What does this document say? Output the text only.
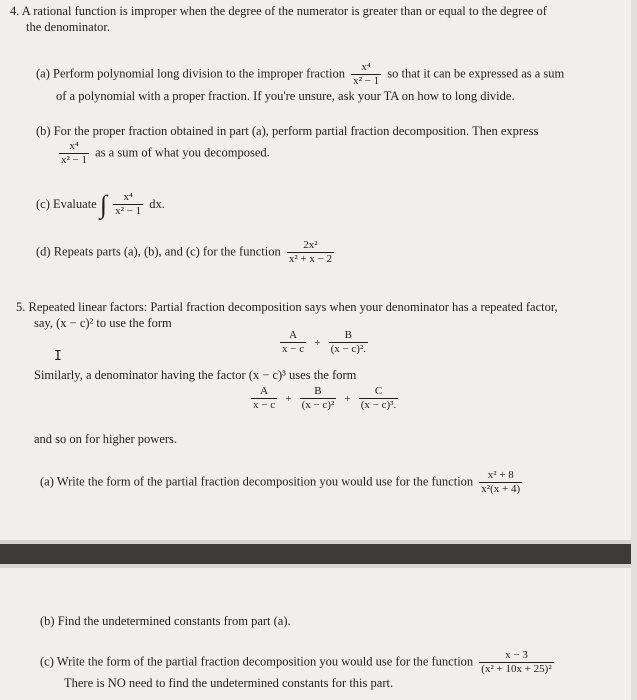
4. A rational function is improper when the degree of the numerator is greater than or equal to the degree of
the denominator.
(a) Perform polynomial long division to the improper fraction $\frac{\text{x⁴}}{\text{x² − 1}}$ so that it can be expressed as a sum
of a polynomial with a proper fraction. If you're unsure, ask your TA on how to long divide.
(b) For the proper fraction obtained in part (a), perform partial fraction decomposition. Then express
$\frac{\text{x⁴}}{\text{x² − 1}}$ as a sum of what you decomposed.
(c) Evaluate ∫ $\frac{\text{x⁴}}{\text{x² − 1}}$ dx.
(d) Repeats parts (a), (b), and (c) for the function $\frac{\text{2x²}}{\text{x² + x − 2}}$
5. Repeated linear factors: Partial fraction decomposition says when your denominator has a repeated factor,
say, (x − c)² to use the form
I
$\frac{A}{x - c} + \frac{B}{\text{(x − c)².}}$
Similarly, a denominator having the factor (x − c)³ uses the form
$\frac{A}{x - c} + \frac{B}{\text{(x − c)²}} + \frac{C}{\text{(x − c)³.}}$
and so on for higher powers.
(a) Write the form of the partial fraction decomposition you would use for the function $\frac{\text{x² + 8}}{\text{x²(x + 4)}}$
(b) Find the undetermined constants from part (a).
(c) Write the form of the partial fraction decomposition you would use for the function $\frac{x - 3}{\text{(x² + 10x + 25)²}}$
There is NO need to find the undetermined constants for this part.
